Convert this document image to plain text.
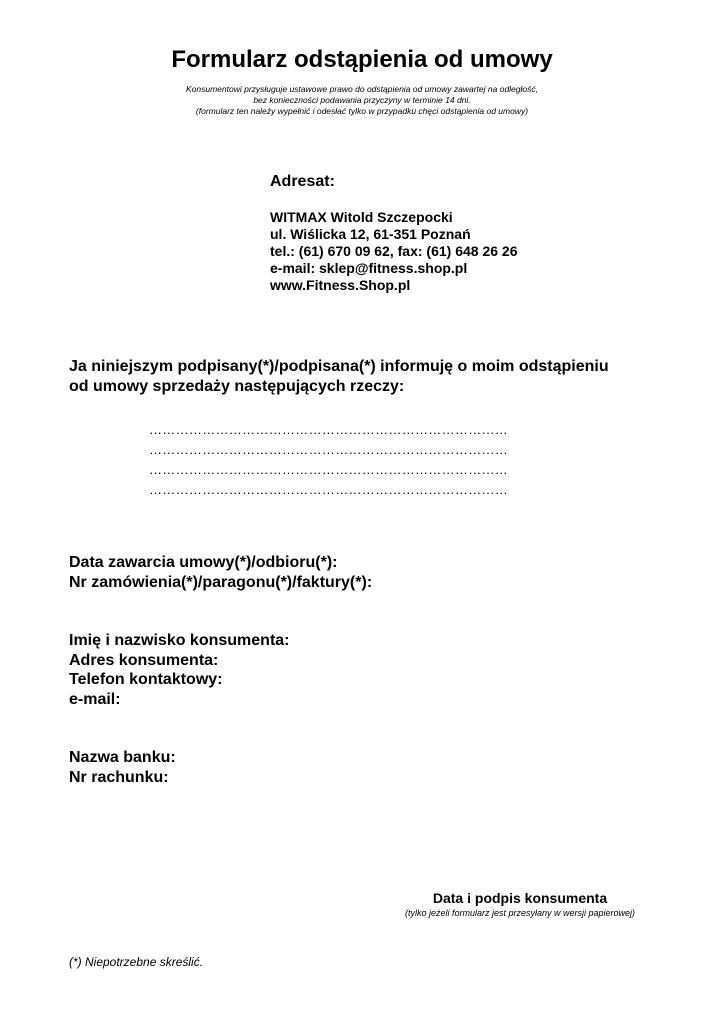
Formularz odstąpienia od umowy
Konsumentowi przysługuje ustawowe prawo do odstąpienia od umowy zawartej na odległość,
bez konieczności podawania przyczyny w terminie 14 dni.
(formularz ten należy wypełnić i odesłać tylko w przypadku chęci odstąpienia od umowy)
Adresat:
WITMAX Witold Szczepocki
ul. Wiślicka 12, 61-351 Poznań
tel.: (61) 670 09 62, fax: (61) 648 26 26
e-mail: sklep@fitness.shop.pl
www.Fitness.Shop.pl
Ja niniejszym podpisany(*)/podpisana(*) informuję o moim odstąpieniu
od umowy sprzedaży następujących rzeczy:
………………………………………………………………………
………………………………………………………………………
………………………………………………………………………
………………………………………………………………………
Data zawarcia umowy(*)/odbioru(*):
Nr zamówienia(*)/paragonu(*)/faktury(*):
Imię i nazwisko konsumenta:
Adres konsumenta:
Telefon kontaktowy:
e-mail:
Nazwa banku:
Nr rachunku:
Data i podpis konsumenta
(tylko jeżeli formularz jest przesyłany w wersji papierowej)
(*) Niepotrzebne skreślić.
